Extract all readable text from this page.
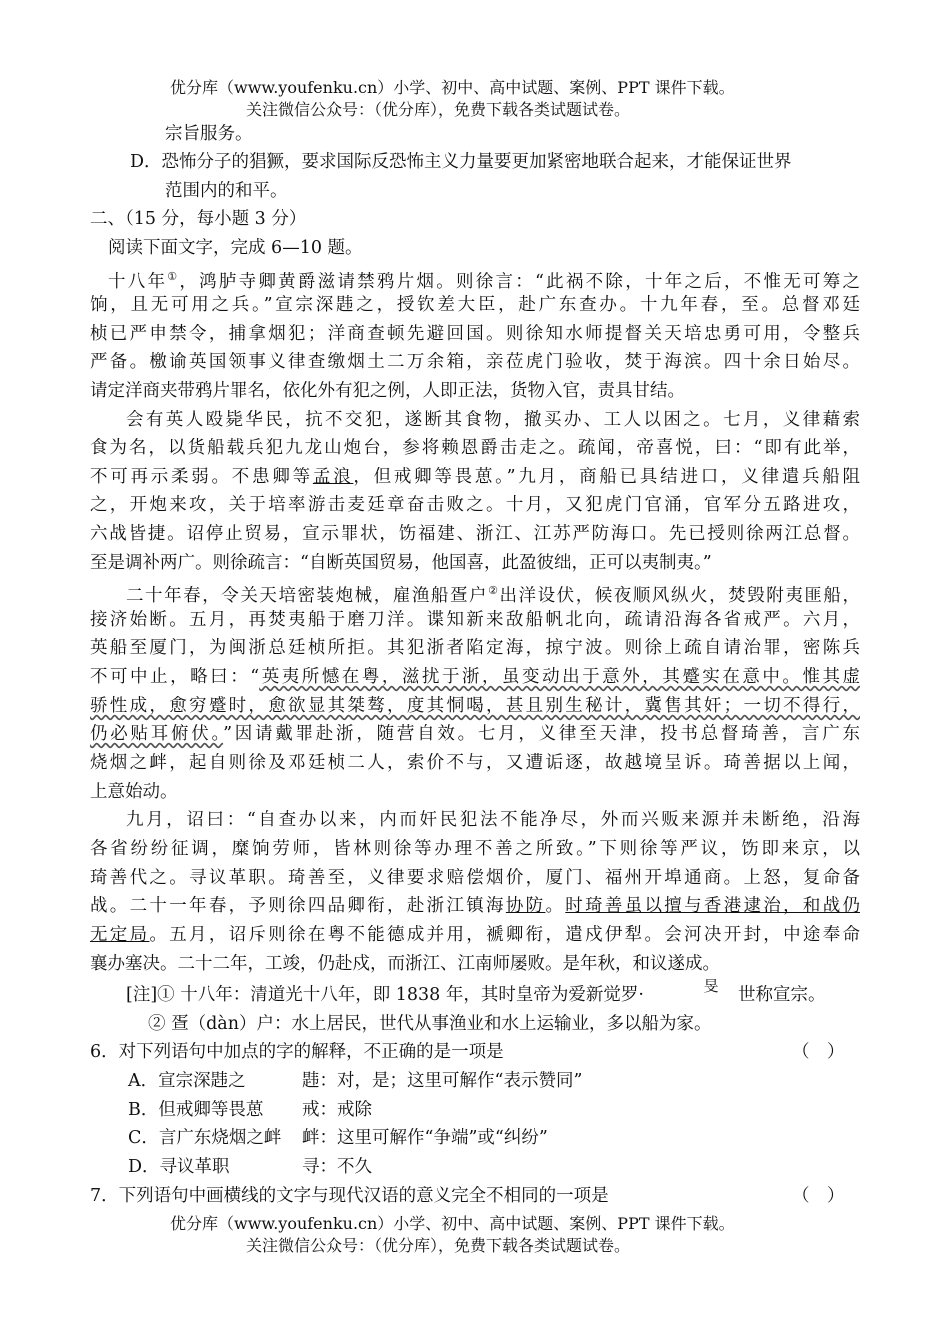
优分库（www.youfenku.cn）小学、初中、高中试题、案例、PPT 课件下载。
关注微信公众号：（优分库），免费下载各类试题试卷。
宗旨服务。
D．恐怖分子的猖獗，要求国际反恐怖主义力量要更加紧密地联合起来，才能保证世界
范围内的和平。
二、（15 分，每小题 3 分）
阅读下面文字，完成 6—10 题。
十八年①，鸿胪寺卿黄爵滋请禁鸦片烟。则徐言：“此祸不除，十年之后，不惟无可筹之
饷，且无可用之兵。”宣宗深韪之，授钦差大臣，赴广东查办。十九年春，至。总督邓廷
桢已严申禁令，捕拿烟犯；洋商查顿先避回国。则徐知水师提督关天培忠勇可用，令整兵
严备。檄谕英国领事义律查缴烟土二万余箱，亲莅虎门验收，焚于海滨。四十余日始尽。
请定洋商夹带鸦片罪名，依化外有犯之例，人即正法，货物入官，责具甘结。
会有英人殴毙华民，抗不交犯，遂断其食物，撤买办、工人以困之。七月，义律藉索
食为名，以货船载兵犯九龙山炮台，参将赖恩爵击走之。疏闻，帝喜悦，曰：“即有此举，
不可再示柔弱。不患卿等孟浪，但戒卿等畏葸。”九月，商船已具结进口，义律遣兵船阻
之，开炮来攻，关于培率游击麦廷章奋击败之。十月，又犯虎门官涌，官军分五路进攻，
六战皆捷。诏停止贸易，宣示罪状，饬福建、浙江、江苏严防海口。先已授则徐两江总督。
至是调补两广。则徐疏言：“自断英国贸易，他国喜，此盈彼绌，正可以夷制夷。”
二十年春，令关天培密装炮械，雇渔船疍户②出洋设伏，候夜顺风纵火，焚毁附夷匪船，
接济始断。五月，再焚夷船于磨刀洋。谍知新来敌船帆北向，疏请沿海各省戒严。六月，
英船至厦门，为闽浙总廷桢所拒。其犯浙者陷定海，掠宁波。则徐上疏自请治罪，密陈兵
不可中止，略曰：“英夷所憾在粤，滋扰于浙，虽变动出于意外，其蹙实在意中。惟其虚
骄性成，愈穷蹙时，愈欲显其桀骜，度其恫喝，甚且别生秘计，冀售其奸；一切不得行，
仍必贴耳俯伏。”因请戴罪赴浙，随营自效。七月，义律至天津，投书总督琦善，言广东
烧烟之衅，起自则徐及邓廷桢二人，索价不与，又遭诟逐，故越境呈诉。琦善据以上闻，
上意始动。
九月，诏曰：“自查办以来，内而奸民犯法不能净尽，外而兴贩来源并未断绝，沿海
各省纷纷征调，糜饷劳师，皆林则徐等办理不善之所致。”下则徐等严议，饬即来京，以
琦善代之。寻议革职。琦善至，义律要求赔偿烟价，厦门、福州开埠通商。上怒，复命备
战。二十一年春，予则徐四品卿衔，赴浙江镇海协防。时琦善虽以擅与香港逮治，和战仍
无定局。五月，诏斥则徐在粤不能德成并用，褫卿衔，遣戍伊犁。会河决开封，中途奉命
襄办塞决。二十二年，工竣，仍赴戍，而浙江、江南师屡败。是年秋，和议遂成。
[注]① 十八年：清道光十八年，即 1838 年，其时皇帝为爱新觉罗·	旻 世称宣宗。
② 疍（dàn）户：水上居民，世代从事渔业和水上运输业，多以船为家。
6．对下列语句中加点的字的解释，不正确的是一项是	（　）
A．宣宗深韪之	韪：对，是；这里可解作“表示赞同”
B．但戒卿等畏葸 戒：戒除
C．言广东烧烟之衅 衅：这里可解作“争端”或“纠纷”
D．寻议革职	寻：不久
7．下列语句中画横线的文字与现代汉语的意义完全不相同的一项是	（　）
优分库（www.youfenku.cn）小学、初中、高中试题、案例、PPT 课件下载。
关注微信公众号：（优分库），免费下载各类试题试卷。
